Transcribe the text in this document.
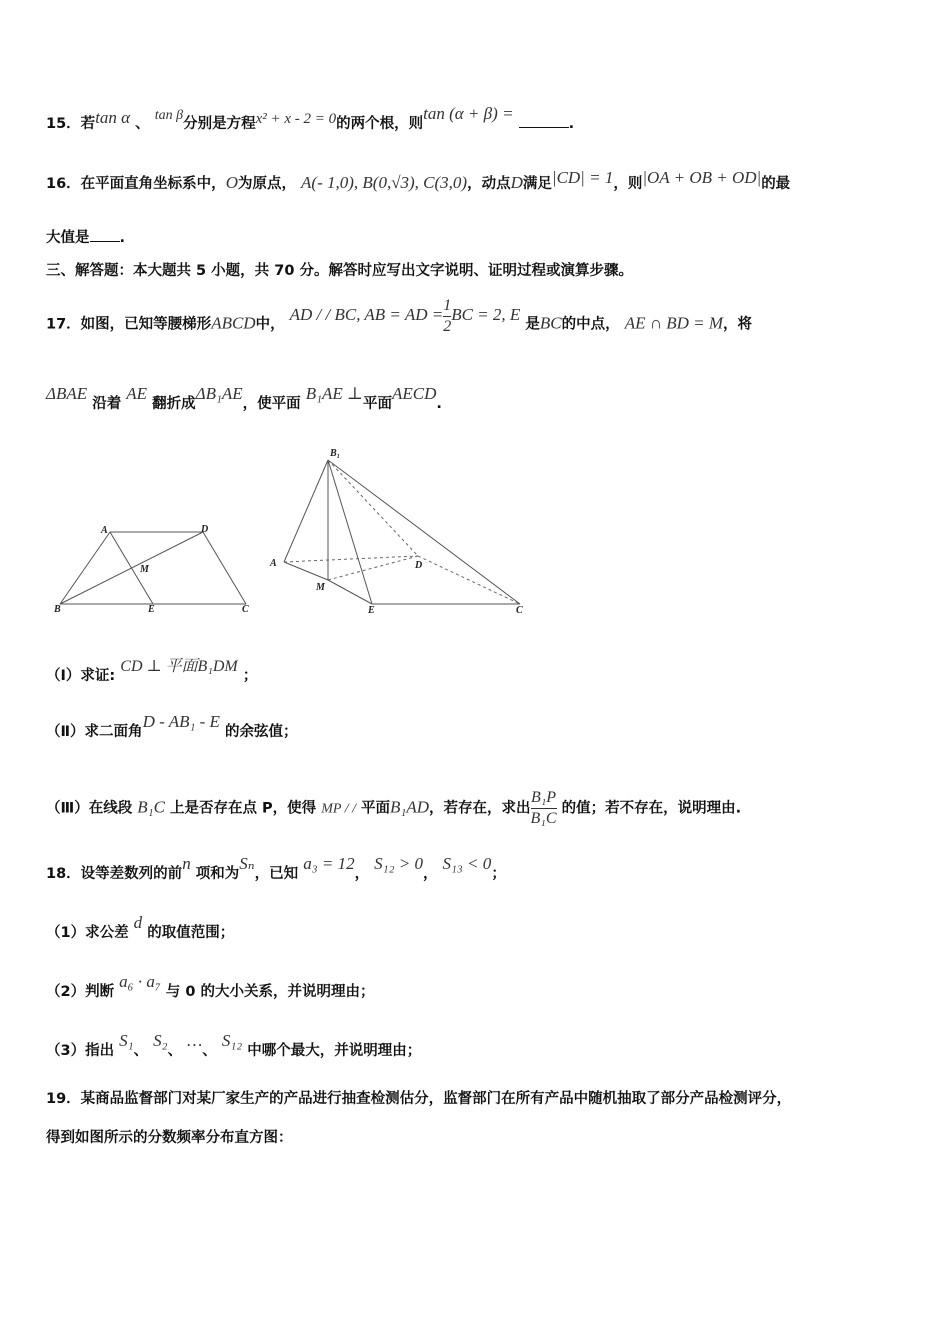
15．若tan α 、 tan β分别是方程x² + x - 2 = 0的两个根，则tan (α + β) = .
16．在平面直角坐标系中，O为原点， A(- 1,0), B(0,√3), C(3,0)，动点D满足|CD| = 1，则|OA + OB + OD|的最
大值是 .
三、解答题：本大题共 5 小题，共 70 分。解答时应写出文字说明、证明过程或演算步骤。
17．如图，已知等腰梯形ABCD中， AD / / BC, AB = AD = $\frac{1}{2}$ BC = 2, E 是BC的中点， AE ∩ BD = M，将
ΔBAE 沿着 AE 翻折成ΔB₁AE，使平面 B₁AE ⊥平面AECD.
A	D
M
B	E	C
B₁
A	D
M
E	C
（Ⅰ）求证: CD ⊥ 平面B₁DM ；
（Ⅱ）求二面角D - AB₁ - E 的余弦值；
（Ⅲ）在线段 B₁C 上是否存在点 P，使得 MP / / 平面B₁AD，若存在，求出 $\frac{\text{B₁P}}{\text{B₁C}}$ 的值；若不存在，说明理由.
18．设等差数列的前n 项和为Sₙ，已知 a₃ = 12， S₁₂ > 0， S₁₃ < 0；
（1）求公差 d 的取值范围；
（2）判断 a₆ · a₇ 与 0 的大小关系，并说明理由；
（3）指出 S₁、 S₂、 …、 S₁₂ 中哪个最大，并说明理由；
19．某商品监督部门对某厂家生产的产品进行抽查检测估分，监督部门在所有产品中随机抽取了部分产品检测评分，
得到如图所示的分数频率分布直方图：
